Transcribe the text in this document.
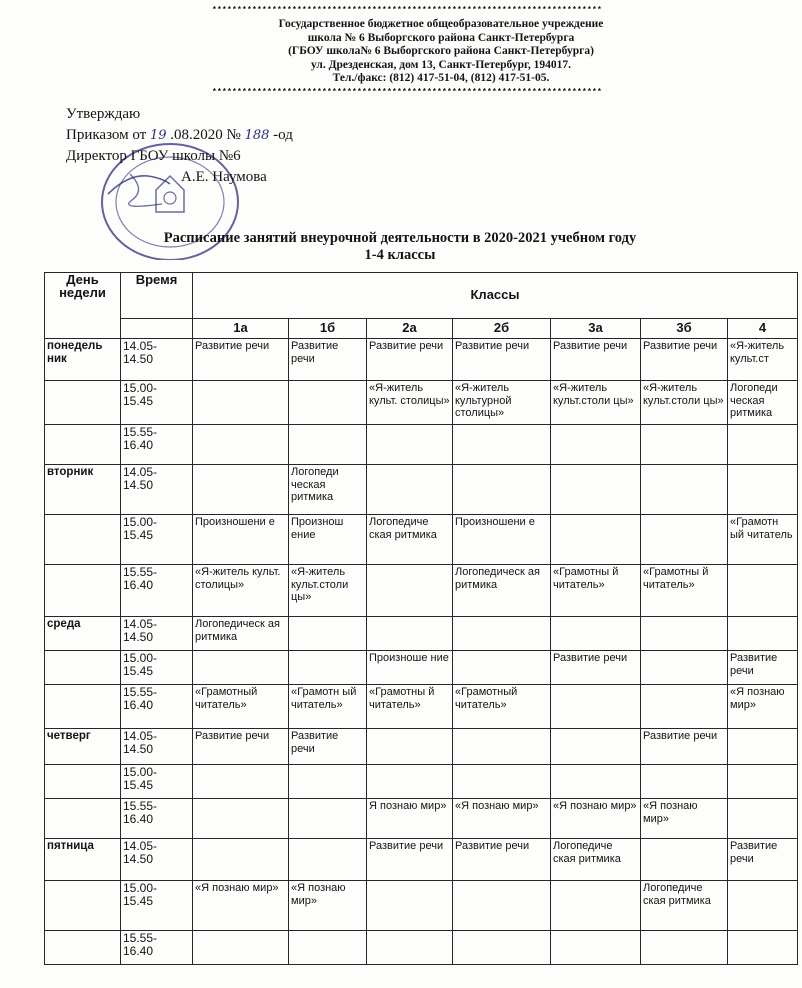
******************************************************************************
Государственное бюджетное общеобразовательное учреждение
школа № 6 Выборгского района Санкт-Петербурга
(ГБОУ школа№ 6 Выборгского района Санкт-Петербурга)
ул. Дрезденская, дом 13, Санкт-Петербург, 194017.
Тел./факс: (812) 417-51-04, (812) 417-51-05.
******************************************************************************
Утверждаю
Приказом от 19 .08.2020 № 188 -од
Директор ГБОУ школы №6
А.Е. Наумова
Расписание занятий внеурочной деятельности в 2020-2021 учебном году
1-4 классы
День недели	Время	Классы						
		1а	1б	2а	2б	3а	3б	4
понедель ник	14.05- 14.50	Развитие речи	Развитие речи	Развитие речи	Развитие речи	Развитие речи	Развитие речи	«Я-житель культ.ст
	15.00- 15.45			«Я-житель культ. столицы»	«Я-житель культурной столицы»	«Я-житель культ.столи цы»	«Я-житель культ.столи цы»	Логопеди ческая ритмика
	15.55- 16.40							
вторник	14.05- 14.50		Логопеди ческая ритмика					
	15.00- 15.45	Произношени е	Произнош ение	Логопедиче ская ритмика	Произношени е			«Грамотн ый читатель
	15.55- 16.40	«Я-житель культ. столицы»	«Я-житель культ.столи цы»		Логопедическ ая ритмика	«Грамотны й читатель»	«Грамотны й читатель»	
среда	14.05- 14.50	Логопедическ ая ритмика						
	15.00- 15.45			Произноше ние		Развитие речи		Развитие речи
	15.55- 16.40	«Грамотный читатель»	«Грамотн ый читатель»	«Грамотны й читатель»	«Грамотный читатель»			«Я познаю мир»
четверг	14.05- 14.50	Развитие речи	Развитие речи				Развитие речи	
	15.00- 15.45							
	15.55- 16.40			Я познаю мир»	«Я познаю мир»	«Я познаю мир»	«Я познаю мир»	
пятница	14.05- 14.50			Развитие речи	Развитие речи	Логопедиче ская ритмика		Развитие речи
	15.00- 15.45	«Я познаю мир»	«Я познаю мир»				Логопедиче ская ритмика	
	15.55- 16.40							
